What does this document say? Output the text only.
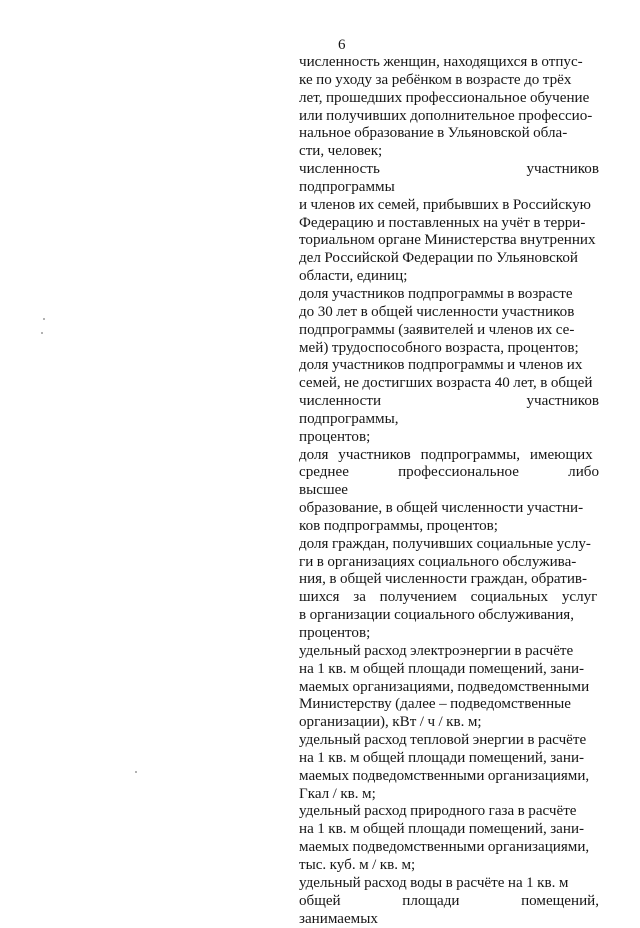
6

численность женщин, находящихся в отпус-
ке по уходу за ребёнком в возрасте до трёх
лет, прошедших профессиональное обучение
или получивших дополнительное профессио-
нальное образование в Ульяновской обла-
сти, человек;

численность участников подпрограммы
и членов их семей, прибывших в Российскую
Федерацию и поставленных на учёт в терри-
ториальном органе Министерства внутренних
дел Российской Федерации по Ульяновской
области, единиц;

доля участников подпрограммы в возрасте
до 30 лет в общей численности участников
подпрограммы (заявителей и членов их се-
мей) трудоспособного возраста, процентов;

доля участников подпрограммы и членов их
семей, не достигших возраста 40 лет, в общей
численности участников подпрограммы,
процентов;

доля участников подпрограммы, имеющих
среднее профессиональное либо высшее
образование, в общей численности участни-
ков подпрограммы, процентов;

доля граждан, получивших социальные услу-
ги в организациях социального обслужива-
ния, в общей численности граждан, обратив-
шихся за получением социальных услуг
в организации социального обслуживания,
процентов;

удельный расход электроэнергии в расчёте
на 1 кв. м общей площади помещений, зани-
маемых организациями, подведомственными
Министерству (далее – подведомственные
организации), кВт / ч / кв. м;

удельный расход тепловой энергии в расчёте
на 1 кв. м общей площади помещений, зани-
маемых подведомственными организациями,
Гкал / кв. м;

удельный расход природного газа в расчёте
на 1 кв. м общей площади помещений, зани-
маемых подведомственными организациями,
тыс. куб. м / кв. м;

удельный расход воды в расчёте на 1 кв. м
общей площади помещений, занимаемых
